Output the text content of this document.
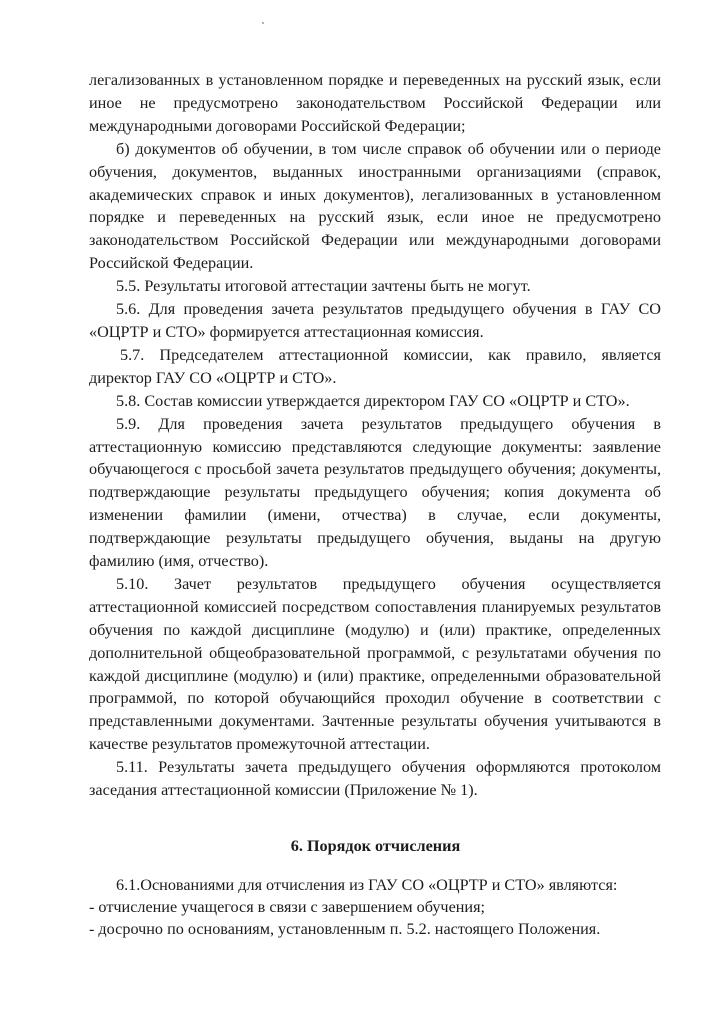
легализованных в установленном порядке и переведенных на русский язык, если иное не предусмотрено законодательством Российской Федерации или международными договорами Российской Федерации;

б) документов об обучении, в том числе справок об обучении или о периоде обучения, документов, выданных иностранными организациями (справок, академических справок и иных документов), легализованных в установленном порядке и переведенных на русский язык, если иное не предусмотрено законодательством Российской Федерации или международными договорами Российской Федерации.

5.5. Результаты итоговой аттестации зачтены быть не могут.

5.6. Для проведения зачета результатов предыдущего обучения в ГАУ СО «ОЦРТР и СТО» формируется аттестационная комиссия.

5.7. Председателем аттестационной комиссии, как правило, является директор ГАУ СО «ОЦРТР и СТО».

5.8. Состав комиссии утверждается директором ГАУ СО «ОЦРТР и СТО».

5.9. Для проведения зачета результатов предыдущего обучения в аттестационную комиссию представляются следующие документы: заявление обучающегося с просьбой зачета результатов предыдущего обучения; документы, подтверждающие результаты предыдущего обучения; копия документа об изменении фамилии (имени, отчества) в случае, если документы, подтверждающие результаты предыдущего обучения, выданы на другую фамилию (имя, отчество).

5.10. Зачет результатов предыдущего обучения осуществляется аттестационной комиссией посредством сопоставления планируемых результатов обучения по каждой дисциплине (модулю) и (или) практике, определенных дополнительной общеобразовательной программой, с результатами обучения по каждой дисциплине (модулю) и (или) практике, определенными образовательной программой, по которой обучающийся проходил обучение в соответствии с представленными документами. Зачтенные результаты обучения учитываются в качестве результатов промежуточной аттестации.

5.11. Результаты зачета предыдущего обучения оформляются протоколом заседания аттестационной комиссии (Приложение № 1).

6. Порядок отчисления

6.1.Основаниями для отчисления из ГАУ СО «ОЦРТР и СТО» являются:

- отчисление учащегося в связи с завершением обучения;

- досрочно по основаниям, установленным п. 5.2. настоящего Положения.
